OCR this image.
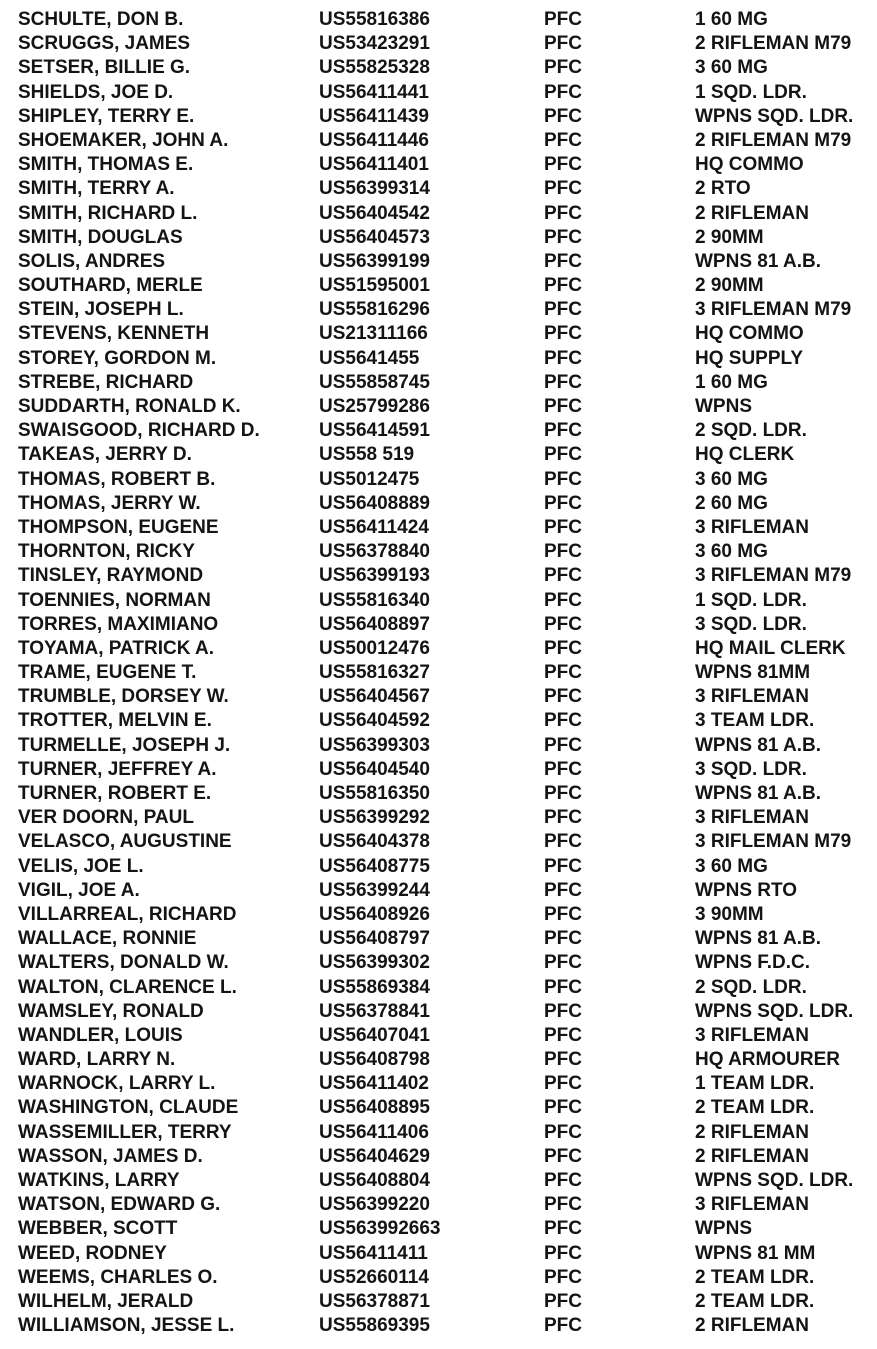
SCHULTE, DON B.	US55816386	PFC	1 60 MG
SCRUGGS, JAMES	US53423291	PFC	2 RIFLEMAN M79
SETSER, BILLIE G.	US55825328	PFC	3 60 MG
SHIELDS, JOE D.	US56411441	PFC	1 SQD. LDR.
SHIPLEY, TERRY E.	US56411439	PFC	WPNS SQD. LDR.
SHOEMAKER, JOHN A.	US56411446	PFC	2 RIFLEMAN M79
SMITH, THOMAS E.	US56411401	PFC	HQ COMMO
SMITH, TERRY A.	US56399314	PFC	2 RTO
SMITH, RICHARD L.	US56404542	PFC	2 RIFLEMAN
SMITH, DOUGLAS	US56404573	PFC	2 90MM
SOLIS, ANDRES	US56399199	PFC	WPNS 81 A.B.
SOUTHARD, MERLE	US51595001	PFC	2 90MM
STEIN, JOSEPH L.	US55816296	PFC	3 RIFLEMAN M79
STEVENS, KENNETH	US21311166	PFC	HQ COMMO
STOREY, GORDON M.	US5641455	PFC	HQ SUPPLY
STREBE, RICHARD	US55858745	PFC	1 60 MG
SUDDARTH, RONALD K.	US25799286	PFC	WPNS
SWAISGOOD, RICHARD D.	US56414591	PFC	2 SQD. LDR.
TAKEAS, JERRY D.	US558 519	PFC	HQ CLERK
THOMAS, ROBERT B.	US5012475	PFC	3 60 MG
THOMAS, JERRY W.	US56408889	PFC	2 60 MG
THOMPSON, EUGENE	US56411424	PFC	3 RIFLEMAN
THORNTON, RICKY	US56378840	PFC	3 60 MG
TINSLEY, RAYMOND	US56399193	PFC	3 RIFLEMAN M79
TOENNIES, NORMAN	US55816340	PFC	1 SQD. LDR.
TORRES, MAXIMIANO	US56408897	PFC	3 SQD. LDR.
TOYAMA, PATRICK A.	US50012476	PFC	HQ MAIL CLERK
TRAME, EUGENE T.	US55816327	PFC	WPNS 81MM
TRUMBLE, DORSEY W.	US56404567	PFC	3 RIFLEMAN
TROTTER, MELVIN E.	US56404592	PFC	3 TEAM LDR.
TURMELLE, JOSEPH J.	US56399303	PFC	WPNS 81 A.B.
TURNER, JEFFREY A.	US56404540	PFC	3 SQD. LDR.
TURNER, ROBERT E.	US55816350	PFC	WPNS 81 A.B.
VER DOORN, PAUL	US56399292	PFC	3 RIFLEMAN
VELASCO, AUGUSTINE	US56404378	PFC	3 RIFLEMAN M79
VELIS, JOE L.	US56408775	PFC	3 60 MG
VIGIL, JOE A.	US56399244	PFC	WPNS RTO
VILLARREAL, RICHARD	US56408926	PFC	3 90MM
WALLACE, RONNIE	US56408797	PFC	WPNS 81 A.B.
WALTERS, DONALD W.	US56399302	PFC	WPNS F.D.C.
WALTON, CLARENCE L.	US55869384	PFC	2 SQD. LDR.
WAMSLEY, RONALD	US56378841	PFC	WPNS SQD. LDR.
WANDLER, LOUIS	US56407041	PFC	3 RIFLEMAN
WARD, LARRY N.	US56408798	PFC	HQ ARMOURER
WARNOCK, LARRY L.	US56411402	PFC	1 TEAM LDR.
WASHINGTON, CLAUDE	US56408895	PFC	2 TEAM LDR.
WASSEMILLER, TERRY	US56411406	PFC	2 RIFLEMAN
WASSON, JAMES D.	US56404629	PFC	2 RIFLEMAN
WATKINS, LARRY	US56408804	PFC	WPNS SQD. LDR.
WATSON, EDWARD G.	US56399220	PFC	3 RIFLEMAN
WEBBER, SCOTT	US563992663	PFC	WPNS
WEED, RODNEY	US56411411	PFC	WPNS 81 MM
WEEMS, CHARLES O.	US52660114	PFC	2 TEAM LDR.
WILHELM, JERALD	US56378871	PFC	2 TEAM LDR.
WILLIAMSON, JESSE L.	US55869395	PFC	2 RIFLEMAN
